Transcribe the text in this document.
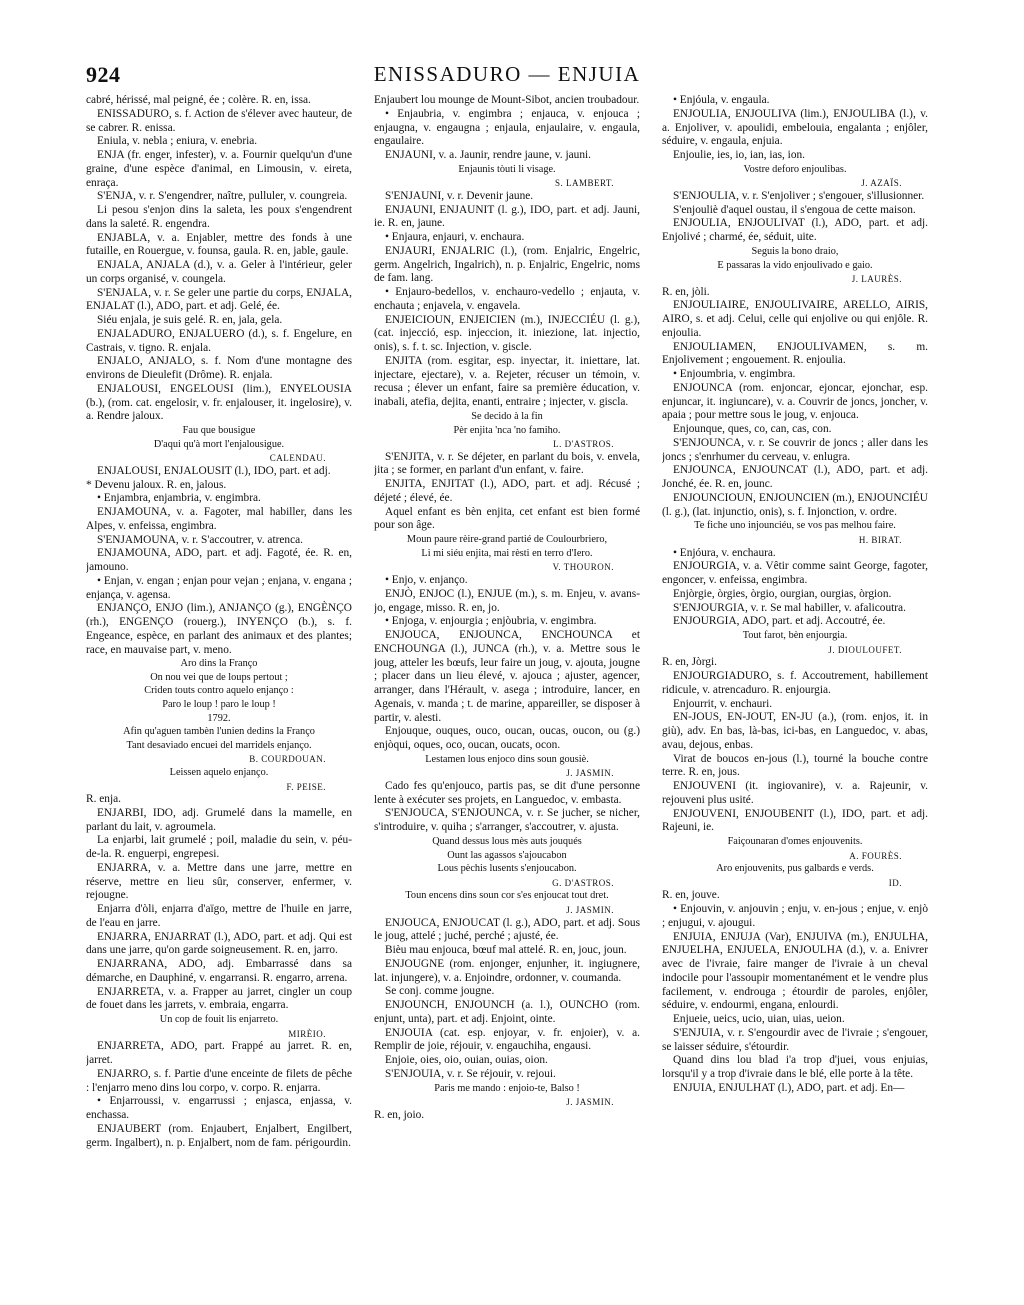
924	ENISSADURO — ENJUIA

cabré, hérissé, mal peigné, ée ; colère. R. en, issa.

ENISSADURO, s. f. Action de s'élever avec hauteur, de se cabrer. R. enissa.

Eniula, v. nebla ; eniura, v. enebria.

ENJA (fr. enger, infester), v. a. Fournir quelqu'un d'une graine, d'une espèce d'animal, en Limousin, v. eireta, enraça.

S'ENJA, v. r. S'engendrer, naître, pulluler, v. coungreia.

Li pesou s'enjon dins la saleta, les poux s'engendrent dans la saleté. R. engendra.

ENJABLA, v. a. Enjabler, mettre des fonds à une futaille, en Rouergue, v. founsa, gaula. R. en, jable, gaule.

ENJALA, ANJALA (d.), v. a. Geler à l'intérieur, geler un corps organisé, v. coungela.

S'ENJALA, v. r. Se geler une partie du corps, ENJALA, ENJALAT (l.), ADO, part. et adj. Gelé, ée.

Siéu enjala, je suis gelé. R. en, jala, gela.

ENJALADURO, ENJALUERO (d.), s. f. Engelure, en Castrais, v. tigno. R. enjala.

ENJALO, ANJALO, s. f. Nom d'une montagne des environs de Dieulefit (Drôme). R. enjala.

ENJALOUSI, ENGELOUSI (lim.), ENYELOUSIA (b.), (rom. cat. engelosir, v. fr. enjalouser, it. ingelosire), v. a. Rendre jaloux.

Fau que bousigue
D'aqui qu'à mort l'enjalousigue.
CALENDAU.

ENJALOUSI, ENJALOUSIT (l.), IDO, part. et adj.

* Devenu jaloux. R. en, jalous.

• Enjambra, enjambria, v. engimbra.

ENJAMOUNA, v. a. Fagoter, mal habiller, dans les Alpes, v. enfeissa, engimbra.

S'ENJAMOUNA, v. r. S'accoutrer, v. atrenca.

ENJAMOUNA, ADO, part. et adj. Fagoté, ée. R. en, jamouno.

• Enjan, v. engan ; enjan pour vejan ; enjana, v. engana ; enjança, v. agensa.

ENJANÇO, ENJO (lim.), ANJANÇO (g.), ENGÈNÇO (rh.), ENGENÇO (rouerg.), INYENÇO (b.), s. f. Engeance, espèce, en parlant des animaux et des plantes; race, en mauvaise part, v. meno.

Aro dins la Franço
On nou vei que de loups pertout ;
Criden touts contro aquelo enjanço :
Paro le loup ! paro le loup !
1792.
Afin qu'aguen tambèn l'unien dedins la Franço
Tant desaviado encuei del marridels enjanço.
B. COURDOUAN.
Leissen aquelo enjanço.
F. PEISE.

R. enja.

ENJARBI, IDO, adj. Grumelé dans la mamelle, en parlant du lait, v. agroumela.

La enjarbi, lait grumelé ; poil, maladie du sein, v. péu-de-la. R. enguerpi, engrepesi.

ENJARRA, v. a. Mettre dans une jarre, mettre en réserve, mettre en lieu sûr, conserver, enfermer, v. rejougne.

Enjarra d'òli, enjarra d'aïgo, mettre de l'huile en jarre, de l'eau en jarre.

ENJARRA, ENJARRAT (l.), ADO, part. et adj. Qui est dans une jarre, qu'on garde soigneusement. R. en, jarro.

ENJARRANA, ADO, adj. Embarrassé dans sa démarche, en Dauphiné, v. engarransi. R. engarro, arrena.

ENJARRETA, v. a. Frapper au jarret, cingler un coup de fouet dans les jarrets, v. embraia, engarra.

Un cop de fouit lis enjarreto.
MIRÈIO.

ENJARRETA, ADO, part. Frappé au jarret. R. en, jarret.

ENJARRO, s. f. Partie d'une enceinte de filets de pêche : l'enjarro meno dins lou corpo, v. corpo. R. enjarra.

• Enjarroussi, v. engarrussi ; enjasca, enjassa, v. enchassa.

ENJAUBERT (rom. Enjaubert, Enjalbert, Engilbert, germ. Ingalbert), n. p. Enjalbert, nom de fam. périgourdin.

Enjaubert lou mounge de Mount-Sibot, ancien troubadour.

• Enjaubria, v. engimbra ; enjauca, v. enjouca ; enjaugna, v. engaugna ; enjaula, enjaulaire, v. engaula, engaulaire.

ENJAUNI, v. a. Jaunir, rendre jaune, v. jauni.

Enjaunis tòuti li visage.
S. LAMBERT.

S'ENJAUNI, v. r. Devenir jaune.

ENJAUNI, ENJAUNIT (l. g.), IDO, part. et adj. Jauni, ie. R. en, jaune.

• Enjaura, enjauri, v. enchaura.

ENJAURI, ENJALRIC (l.), (rom. Enjalric, Engelric, germ. Angelrich, Ingalrich), n. p. Enjalric, Engelric, noms de fam. lang.

• Enjauro-bedellos, v. enchauro-vedello ; enjauta, v. enchauta ; enjavela, v. engavela.

ENJEICIOUN, ENJEICIEN (m.), INJECCIÉU (l. g.), (cat. injecció, esp. injeccion, it. iniezione, lat. injectio, onis), s. f. t. sc. Injection, v. giscle.

ENJITA (rom. esgitar, esp. inyectar, it. iniettare, lat. injectare, ejectare), v. a. Rejeter, récuser un témoin, v. recusa ; élever un enfant, faire sa première éducation, v. inabali, atefia, dejita, enanti, entraire ; injecter, v. giscla.

Se decido à la fin
Pèr enjita 'nca 'no famiho.
L. D'ASTROS.

S'ENJITA, v. r. Se déjeter, en parlant du bois, v. envela, jita ; se former, en parlant d'un enfant, v. faire.

ENJITA, ENJITAT (l.), ADO, part. et adj. Récusé ; déjeté ; élevé, ée.

Aquel enfant es bèn enjita, cet enfant est bien formé pour son âge.

Moun paure rèire-grand partié de Coulourbriero,
Li mi siéu enjita, mai rèsti en terro d'Iero.
V. THOURON.

• Enjo, v. enjanço.

ENJÒ, ENJOC (l.), ENJUE (m.), s. m. Enjeu, v. avans-jo, engage, misso. R. en, jo.

• Enjoga, v. enjourgia ; enjòubria, v. engimbra.

ENJOUCA, ENJOUNCA, ENCHOUNCA et ENCHOUNGA (l.), JUNCA (rh.), v. a. Mettre sous le joug, atteler les bœufs, leur faire un joug, v. ajouta, jougne ; placer dans un lieu élevé, v. ajouca ; ajuster, agencer, arranger, dans l'Hérault, v. asega ; introduire, lancer, en Agenais, v. manda ; t. de marine, appareiller, se disposer à partir, v. alesti.

Enjouque, ouques, ouco, oucan, oucas, oucon, ou (g.) enjòqui, oques, oco, oucan, oucats, ocon.

Lestamen lous enjoco dins soun gousiè.
J. JASMIN.

Cado fes qu'enjouco, partis pas, se dit d'une personne lente à exécuter ses projets, en Languedoc, v. embasta.

S'ENJOUCA, S'ENJOUNCA, v. r. Se jucher, se nicher, s'introduire, v. quiha ; s'arranger, s'accoutrer, v. ajusta.

Quand dessus lous mès auts jouqués
Ount las agassos s'ajoucabon
Lous pèchis lusents s'enjoucabon.
G. D'ASTROS.
Toun encens dins soun cor s'es enjoucat tout dret.
J. JASMIN.

ENJOUCA, ENJOUCAT (l. g.), ADO, part. et adj. Sous le joug, attelé ; juché, perché ; ajusté, ée.

Bièu mau enjouca, bœuf mal attelé. R. en, jouc, joun.

ENJOUGNE (rom. enjonger, enjunher, it. ingiugnere, lat. injungere), v. a. Enjoindre, ordonner, v. coumanda.

Se conj. comme jougne.

ENJOUNCH, ENJOUNCH (a. l.), OUNCHO (rom. enjunt, unta), part. et adj. Enjoint, ointe.

ENJOUIA (cat. esp. enjoyar, v. fr. enjoier), v. a. Remplir de joie, réjouir, v. engauchiha, engausi.

Enjoie, oies, oio, ouian, ouias, oion.

S'ENJOUIA, v. r. Se réjouir, v. rejoui.

Paris me mando : enjoio-te, Balso !
J. JASMIN.

R. en, joio.

• Enjóula, v. engaula.

ENJOULIA, ENJOULIVA (lim.), ENJOULIBA (l.), v. a. Enjoliver, v. apoulidi, embelouia, engalanta ; enjôler, séduire, v. engaula, enjuia.

Enjoulie, ies, io, ian, ias, ion.

Vostre deforo enjoulibas.
J. AZAÏS.

S'ENJOULIA, v. r. S'enjoliver ; s'engouer, s'illusionner.

S'enjouliè d'aquel oustau, il s'engoua de cette maison.

ENJOULIA, ENJOULIVAT (l.), ADO, part. et adj. Enjolivé ; charmé, ée, séduit, uite.

Seguis la bono draio,
E passaras la vido enjoulivado e gaio.
J. LAURÈS.

R. en, jòli.

ENJOULIAIRE, ENJOULIVAIRE, ARELLO, AIRIS, AIRO, s. et adj. Celui, celle qui enjolive ou qui enjôle. R. enjoulia.

ENJOULIAMEN, ENJOULIVAMEN, s. m. Enjolivement ; engouement. R. enjoulia.

• Enjoumbria, v. engimbra.

ENJOUNCA (rom. enjoncar, ejoncar, ejonchar, esp. enjuncar, it. ingiuncare), v. a. Couvrir de joncs, joncher, v. apaia ; pour mettre sous le joug, v. enjouca.

Enjounque, ques, co, can, cas, con.

S'ENJOUNCA, v. r. Se couvrir de joncs ; aller dans les joncs ; s'enrhumer du cerveau, v. enlugra.

ENJOUNCA, ENJOUNCAT (l.), ADO, part. et adj. Jonché, ée. R. en, jounc.

ENJOUNCIOUN, ENJOUNCIEN (m.), ENJOUNCIÉU (l. g.), (lat. injunctio, onis), s. f. Injonction, v. ordre.

Te fiche uno injounciéu, se vos pas melhou faire.
H. BIRAT.

• Enjóura, v. enchaura.

ENJOURGIA, v. a. Vêtir comme saint George, fagoter, engoncer, v. enfeissa, engimbra.

Enjòrgie, òrgies, òrgio, ourgian, ourgias, òrgion.

S'ENJOURGIA, v. r. Se mal habiller, v. afalicoutra.

ENJOURGIA, ADO, part. et adj. Accoutré, ée.

Tout farot, bèn enjourgia.
J. DIOULOUFET.

R. en, Jòrgi.

ENJOURGIADURO, s. f. Accoutrement, habillement ridicule, v. atrencaduro. R. enjourgia.

Enjourrit, v. enchauri.

EN-JOUS, EN-JOUT, EN-JU (a.), (rom. enjos, it. in giù), adv. En bas, là-bas, ici-bas, en Languedoc, v. abas, avau, dejous, enbas.

Virat de boucos en-jous (l.), tourné la bouche contre terre. R. en, jous.

ENJOUVENI (it. ingiovanire), v. a. Rajeunir, v. rejouveni plus usité.

ENJOUVENI, ENJOUBENIT (l.), IDO, part. et adj. Rajeuni, ie.

Faiçounaran d'omes enjouvenits.
A. FOURÈS.
Aro enjouvenits, pus galbards e verds.
ID.

R. en, jouve.

• Enjouvin, v. anjouvin ; enju, v. en-jous ; enjue, v. enjò ; enjugui, v. ajougui.

ENJUIA, ENJUJA (Var), ENJUIVA (m.), ENJULHA, ENJUELHA, ENJUELA, ENJOULHA (d.), v. a. Enivrer avec de l'ivraie, faire manger de l'ivraie à un cheval indocile pour l'assoupir momentanément et le vendre plus facilement, v. endrouga ; étourdir de paroles, enjôler, séduire, v. endourmi, engana, enlourdi.

Enjueie, ueics, ucio, uian, uias, ueion.

S'ENJUIA, v. r. S'engourdir avec de l'ivraie ; s'engouer, se laisser séduire, s'étourdir.

Quand dins lou blad i'a trop d'juei, vous enjuias, lorsqu'il y a trop d'ivraie dans le blé, elle porte à la tête.

ENJUIA, ENJULHAT (l.), ADO, part. et adj. En—
